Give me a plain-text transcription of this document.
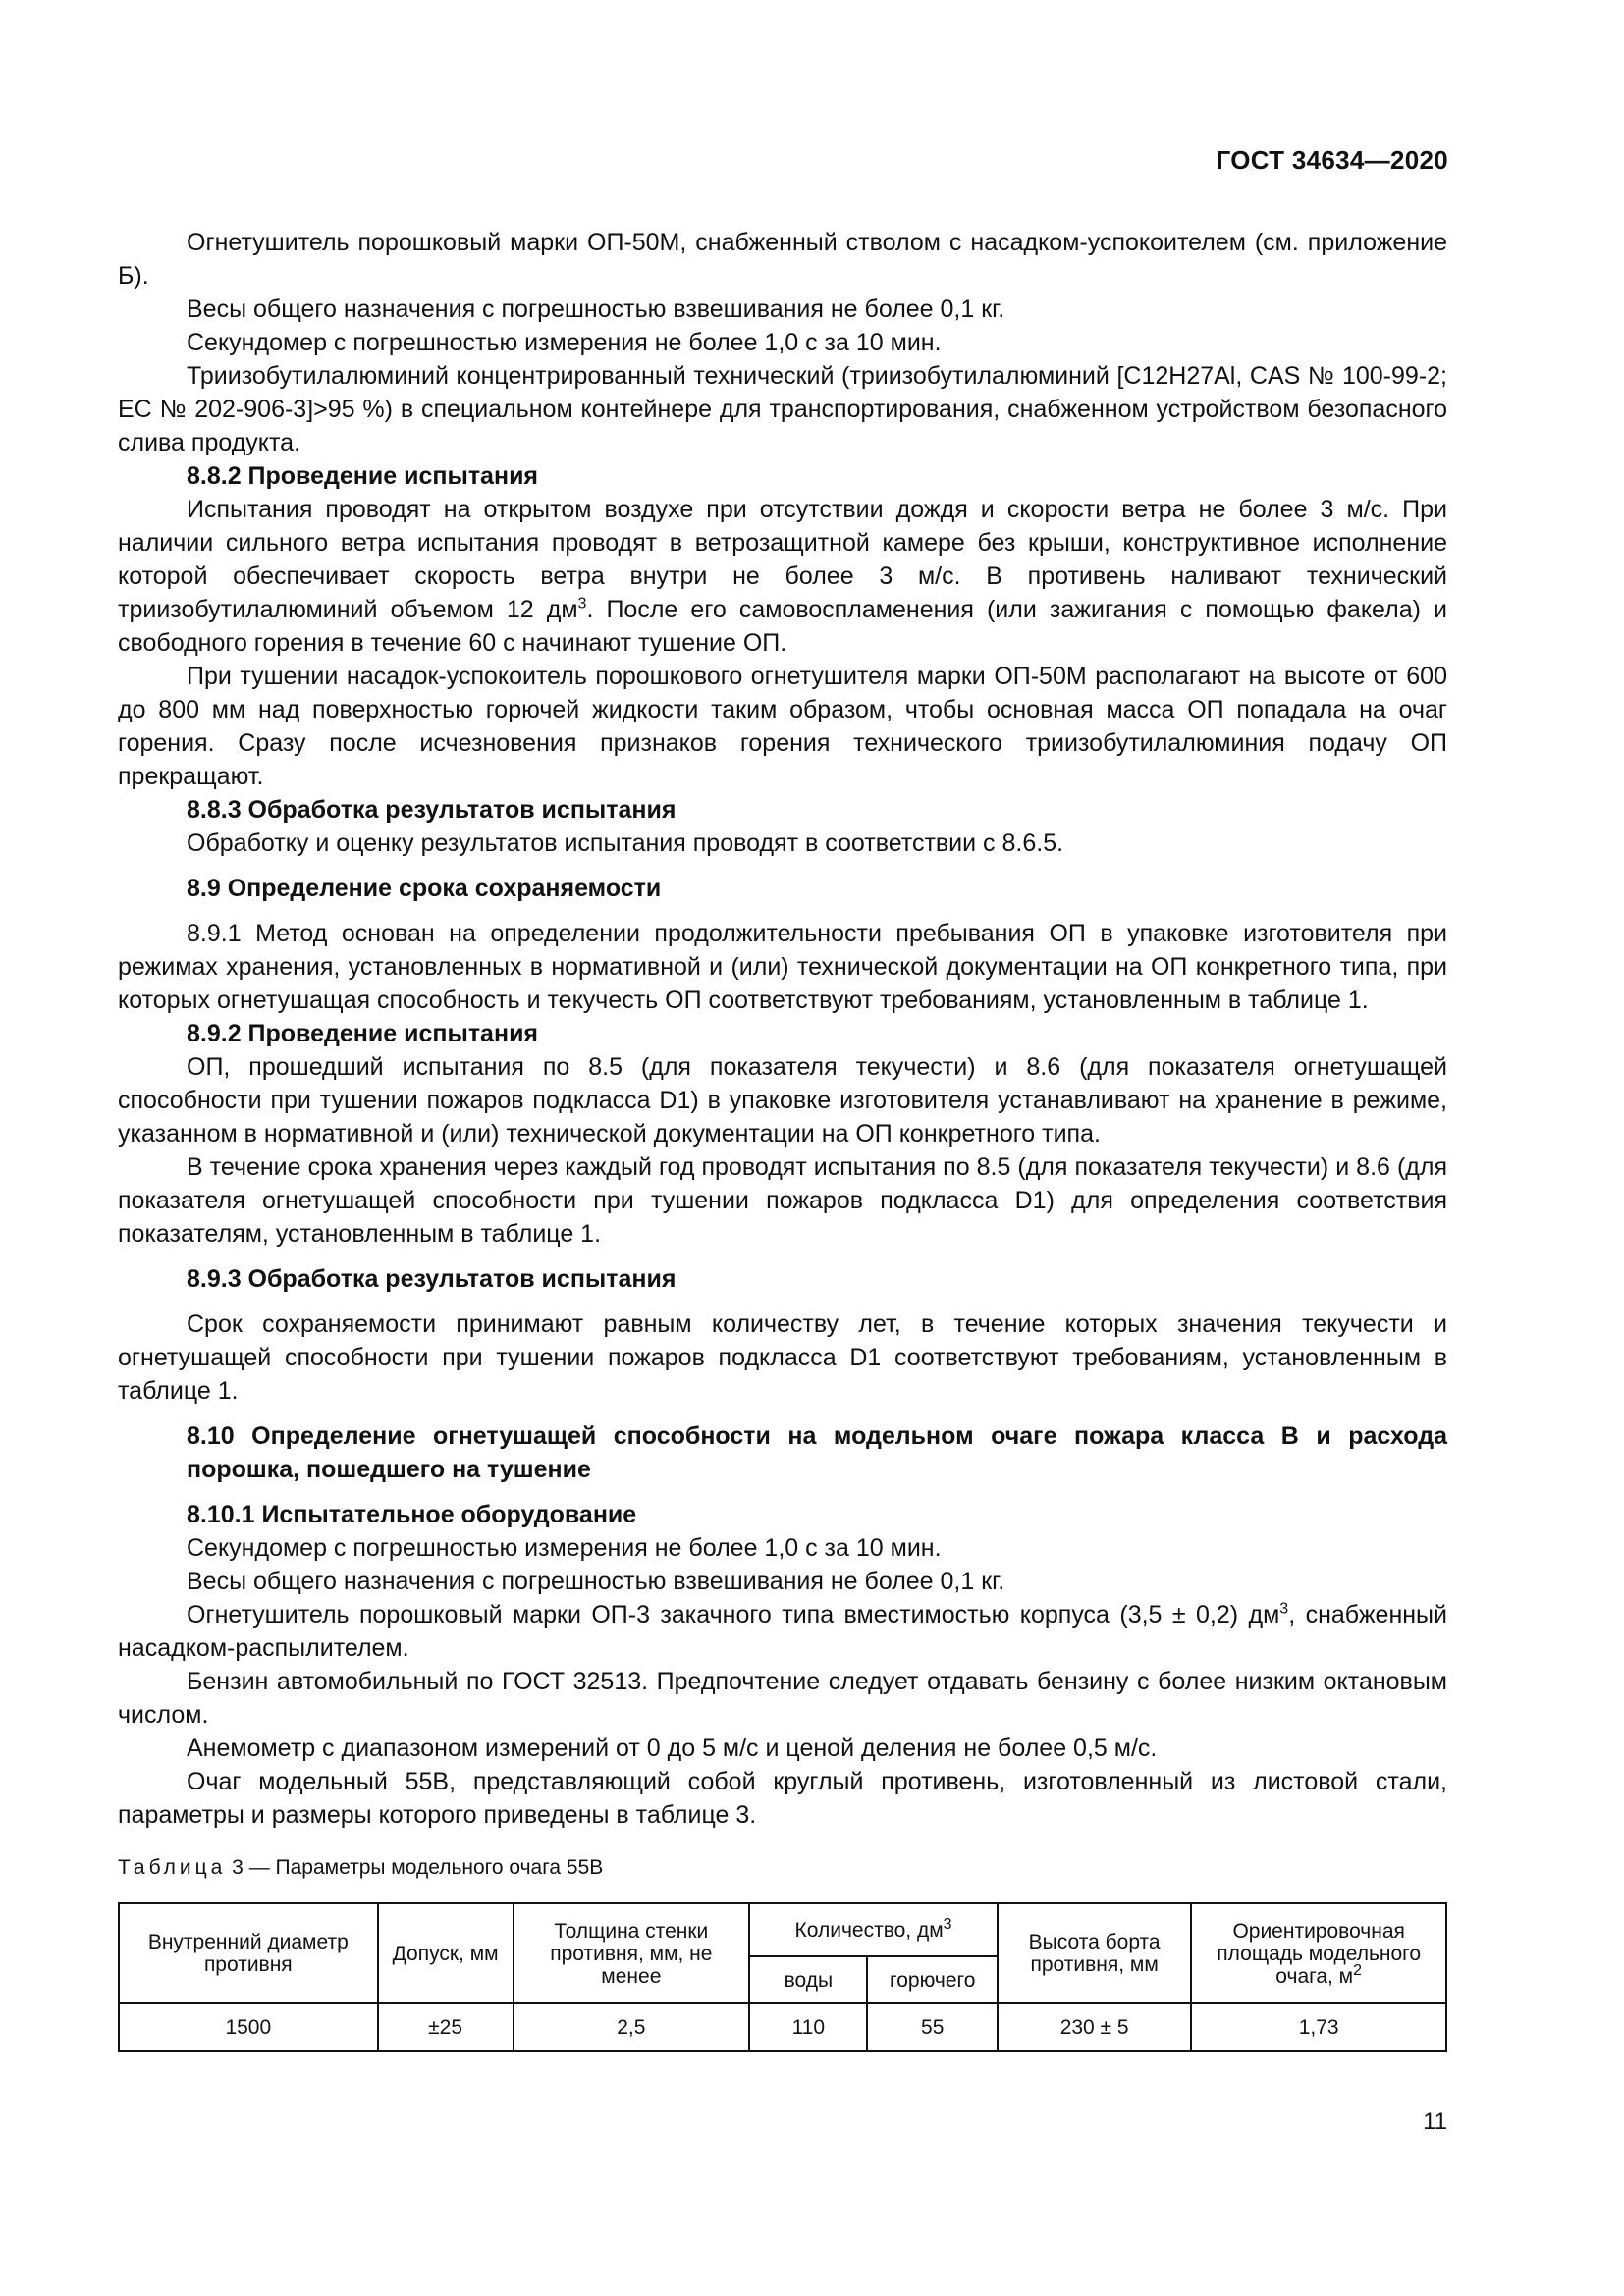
ГОСТ 34634—2020

Огнетушитель порошковый марки ОП-50М, снабженный стволом с насадком-успокоителем (см. приложение Б).

Весы общего назначения с погрешностью взвешивания не более 0,1 кг.

Секундомер с погрешностью измерения не более 1,0 с за 10 мин.

Триизобутилалюминий концентрированный технический (триизобутилалюминий [C12H27Al, CAS № 100-99-2; EC № 202-906-3]>95 %) в специальном контейнере для транспортирования, снабженном устройством безопасного слива продукта.

8.8.2 Проведение испытания

Испытания проводят на открытом воздухе при отсутствии дождя и скорости ветра не более 3 м/с. При наличии сильного ветра испытания проводят в ветрозащитной камере без крыши, конструктивное исполнение которой обеспечивает скорость ветра внутри не более 3 м/с. В противень наливают технический триизобутилалюминий объемом 12 $дм^3$. После его самовоспламенения (или зажигания с помощью факела) и свободного горения в течение 60 с начинают тушение ОП.

При тушении насадок-успокоитель порошкового огнетушителя марки ОП-50М располагают на высоте от 600 до 800 мм над поверхностью горючей жидкости таким образом, чтобы основная масса ОП попадала на очаг горения. Сразу после исчезновения признаков горения технического триизобутилалюминия подачу ОП прекращают.

8.8.3 Обработка результатов испытания

Обработку и оценку результатов испытания проводят в соответствии с 8.6.5.

8.9 Определение срока сохраняемости

8.9.1 Метод основан на определении продолжительности пребывания ОП в упаковке изготовителя при режимах хранения, установленных в нормативной и (или) технической документации на ОП конкретного типа, при которых огнетушащая способность и текучесть ОП соответствуют требованиям, установленным в таблице 1.

8.9.2 Проведение испытания

ОП, прошедший испытания по 8.5 (для показателя текучести) и 8.6 (для показателя огнетушащей способности при тушении пожаров подкласса D1) в упаковке изготовителя устанавливают на хранение в режиме, указанном в нормативной и (или) технической документации на ОП конкретного типа.

В течение срока хранения через каждый год проводят испытания по 8.5 (для показателя текучести) и 8.6 (для показателя огнетушащей способности при тушении пожаров подкласса D1) для определения соответствия показателям, установленным в таблице 1.

8.9.3 Обработка результатов испытания

Срок сохраняемости принимают равным количеству лет, в течение которых значения текучести и огнетушащей способности при тушении пожаров подкласса D1 соответствуют требованиям, установленным в таблице 1.

8.10 Определение огнетушащей способности на модельном очаге пожара класса В и расхода порошка, пошедшего на тушение

8.10.1 Испытательное оборудование

Секундомер с погрешностью измерения не более 1,0 с за 10 мин.

Весы общего назначения с погрешностью взвешивания не более 0,1 кг.

Огнетушитель порошковый марки ОП-3 закачного типа вместимостью корпуса (3,5 ± 0,2) $дм^3$, снабженный насадком-распылителем.

Бензин автомобильный по ГОСТ 32513. Предпочтение следует отдавать бензину с более низким октановым числом.

Анемометр с диапазоном измерений от 0 до 5 м/с и ценой деления не более 0,5 м/с.

Очаг модельный 55В, представляющий собой круглый противень, изготовленный из листовой стали, параметры и размеры которого приведены в таблице 3.

Таблица 3 — Параметры модельного очага 55В
Внутренний диаметр противня	Допуск, мм	Толщина стенки противня, мм, не менее	Количество, $дм^3$		Высота борта противня, мм	Ориентировочная площадь модельного очага, $м^2$
			воды	горючего		
1500	±25	2,5	110	55	230 ± 5	1,73
11
